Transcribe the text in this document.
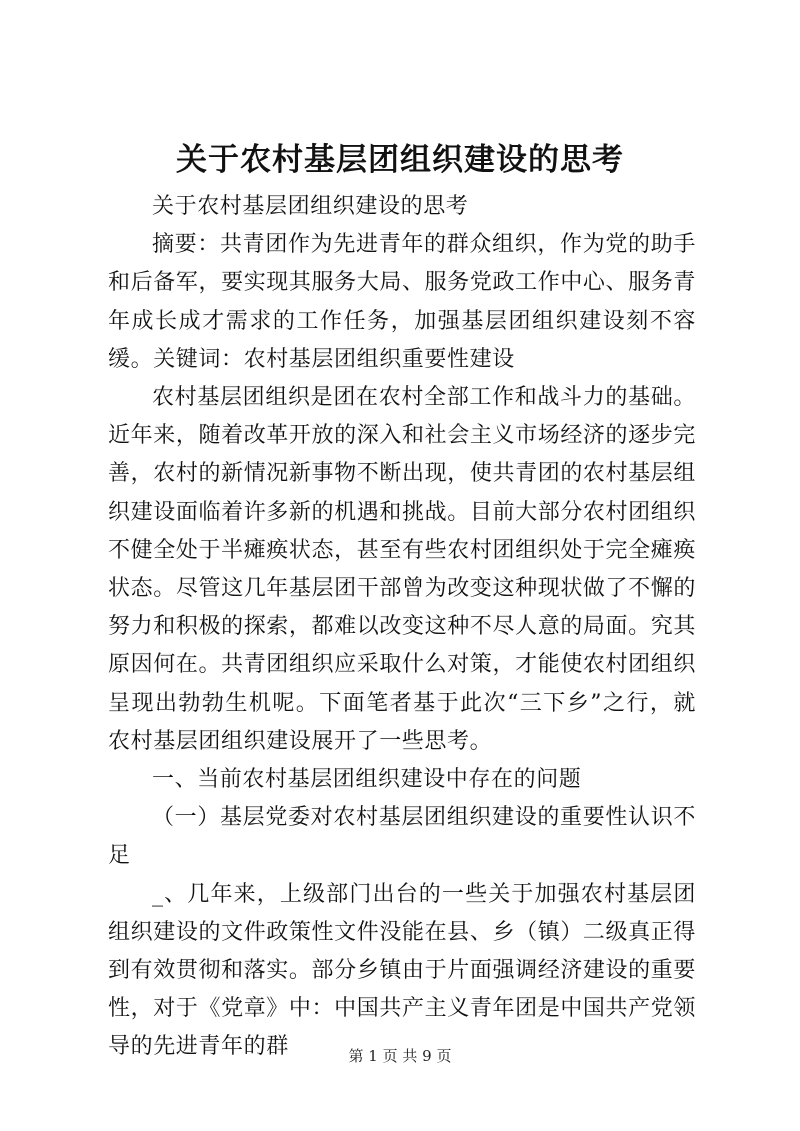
关于农村基层团组织建设的思考

关于农村基层团组织建设的思考

摘要：共青团作为先进青年的群众组织，作为党的助手和后备军，要实现其服务大局、服务党政工作中心、服务青年成长成才需求的工作任务，加强基层团组织建设刻不容缓。关键词：农村基层团组织重要性建设

农村基层团组织是团在农村全部工作和战斗力的基础。近年来，随着改革开放的深入和社会主义市场经济的逐步完善，农村的新情况新事物不断出现，使共青团的农村基层组织建设面临着许多新的机遇和挑战。目前大部分农村团组织不健全处于半瘫痪状态，甚至有些农村团组织处于完全瘫痪状态。尽管这几年基层团干部曾为改变这种现状做了不懈的努力和积极的探索，都难以改变这种不尽人意的局面。究其原因何在。共青团组织应采取什么对策，才能使农村团组织呈现出勃勃生机呢。下面笔者基于此次“三下乡”之行，就农村基层团组织建设展开了一些思考。

一、当前农村基层团组织建设中存在的问题

（一）基层党委对农村基层团组织建设的重要性认识不足

_、几年来，上级部门出台的一些关于加强农村基层团组织建设的文件政策性文件没能在县、乡（镇）二级真正得到有效贯彻和落实。部分乡镇由于片面强调经济建设的重要性，对于《党章》中：中国共产主义青年团是中国共产党领导的先进青年的群	第 1 页 共 9 页
